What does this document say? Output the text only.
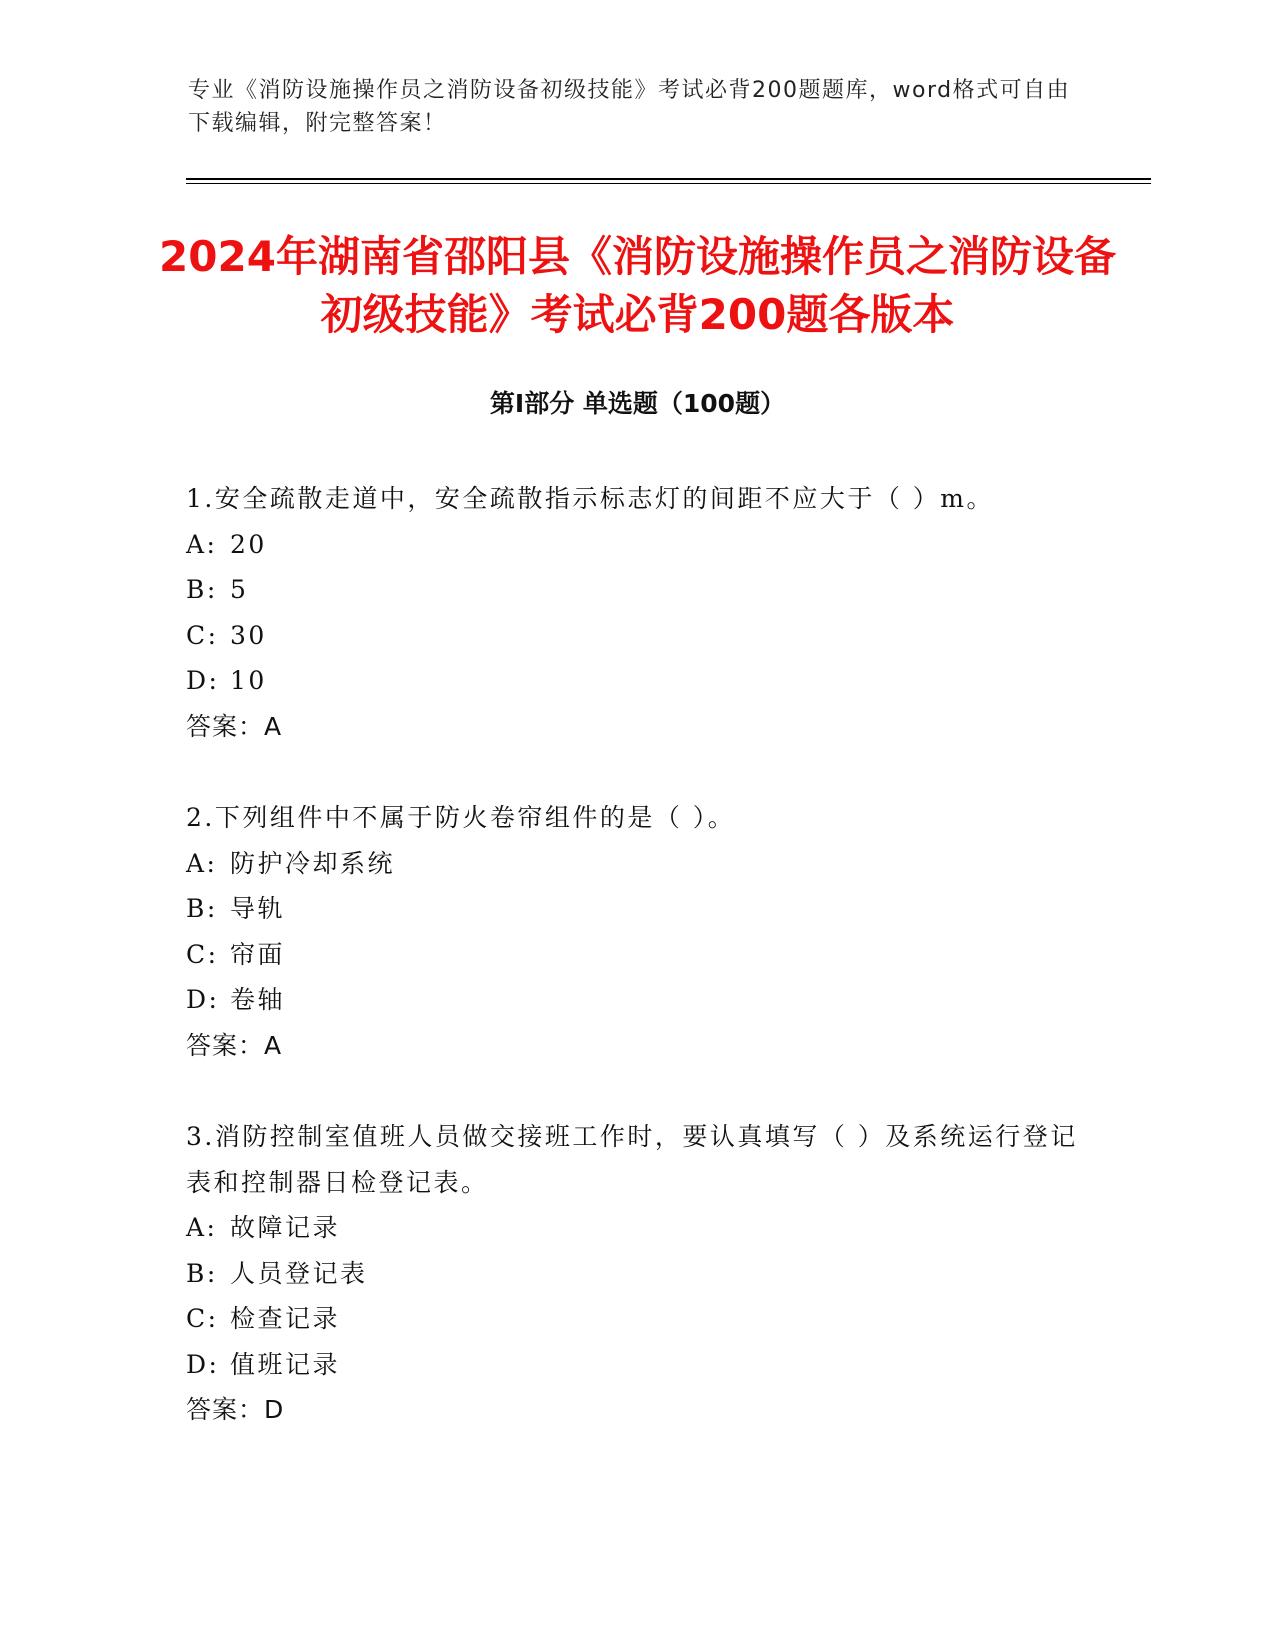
专业《消防设施操作员之消防设备初级技能》考试必背200题题库，word格式可自由下载编辑，附完整答案！
2024年湖南省邵阳县《消防设施操作员之消防设备初级技能》考试必背200题各版本
第Ⅰ部分 单选题（100题）
1.安全疏散走道中，安全疏散指示标志灯的间距不应大于（ ）m。
A: 20
B: 5
C: 30
D: 10
答案：A
2.下列组件中不属于防火卷帘组件的是（ ）。
A: 防护冷却系统
B: 导轨
C: 帘面
D: 卷轴
答案：A
3.消防控制室值班人员做交接班工作时，要认真填写（ ）及系统运行登记表和控制器日检登记表。
A: 故障记录
B: 人员登记表
C: 检查记录
D: 值班记录
答案：D
